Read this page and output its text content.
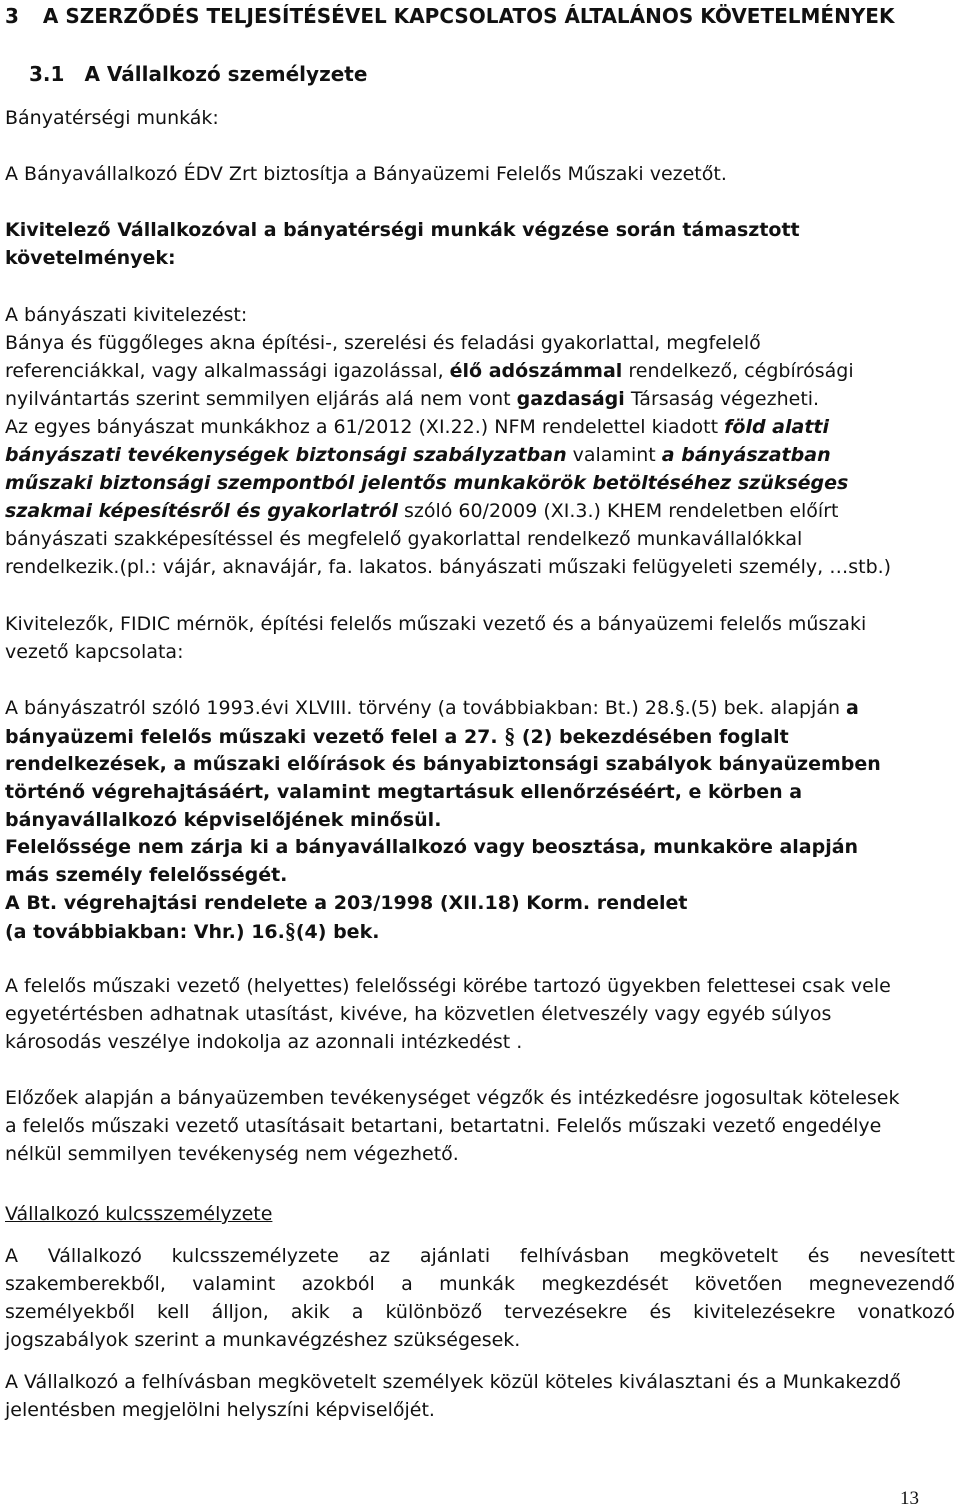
3 A SZERZŐDÉS TELJESÍTÉSÉVEL KAPCSOLATOS ÁLTALÁNOS KÖVETELMÉNYEK
3.1 A Vállalkozó személyzete
Bányatérségi munkák:
A Bányavállalkozó ÉDV Zrt biztosítja a Bányaüzemi Felelős Műszaki vezetőt.
Kivitelező Vállalkozóval a bányatérségi munkák végzése során támasztott
követelmények:
A bányászati kivitelezést:
Bánya és függőleges akna építési-, szerelési és feladási gyakorlattal, megfelelő
referenciákkal, vagy alkalmassági igazolással, élő adószámmal rendelkező, cégbírósági
nyilvántartás szerint semmilyen eljárás alá nem vont gazdasági Társaság végezheti.
Az egyes bányászat munkákhoz a 61/2012 (XI.22.) NFM rendelettel kiadott föld alatti
bányászati tevékenységek biztonsági szabályzatban valamint a bányászatban
műszaki biztonsági szempontból jelentős munkakörök betöltéséhez szükséges
szakmai képesítésről és gyakorlatról szóló 60/2009 (XI.3.) KHEM rendeletben előírt
bányászati szakképesítéssel és megfelelő gyakorlattal rendelkező munkavállalókkal
rendelkezik.(pl.: vájár, aknavájár, fa. lakatos. bányászati műszaki felügyeleti személy, …stb.)
Kivitelezők, FIDIC mérnök, építési felelős műszaki vezető és a bányaüzemi felelős műszaki
vezető kapcsolata:
A bányászatról szóló 1993.évi XLVIII. törvény (a továbbiakban: Bt.) 28.§.(5) bek. alapján a
bányaüzemi felelős műszaki vezető felel a 27. § (2) bekezdésében foglalt
rendelkezések, a műszaki előírások és bányabiztonsági szabályok bányaüzemben
történő végrehajtásáért, valamint megtartásuk ellenőrzéséért, e körben a
bányavállalkozó képviselőjének minősül.
Felelőssége nem zárja ki a bányavállalkozó vagy beosztása, munkaköre alapján
más személy felelősségét.
A Bt. végrehajtási rendelete a 203/1998 (XII.18) Korm. rendelet
(a továbbiakban: Vhr.) 16.§(4) bek.
A felelős műszaki vezető (helyettes) felelősségi körébe tartozó ügyekben felettesei csak vele
egyetértésben adhatnak utasítást, kivéve, ha közvetlen életveszély vagy egyéb súlyos
károsodás veszélye indokolja az azonnali intézkedést .
Előzőek alapján a bányaüzemben tevékenységet végzők és intézkedésre jogosultak kötelesek
a felelős műszaki vezető utasításait betartani, betartatni. Felelős műszaki vezető engedélye
nélkül semmilyen tevékenység nem végezhető.
Vállalkozó kulcsszemélyzete
A Vállalkozó kulcsszemélyzete az ajánlati felhívásban megkövetelt és nevesített
szakemberekből, valamint azokból a munkák megkezdését követően megnevezendő
személyekből kell álljon, akik a különböző tervezésekre és kivitelezésekre vonatkozó
jogszabályok szerint a munkavégzéshez szükségesek.
A Vállalkozó a felhívásban megkövetelt személyek közül köteles kiválasztani és a Munkakezdő
jelentésben megjelölni helyszíni képviselőjét.
13
